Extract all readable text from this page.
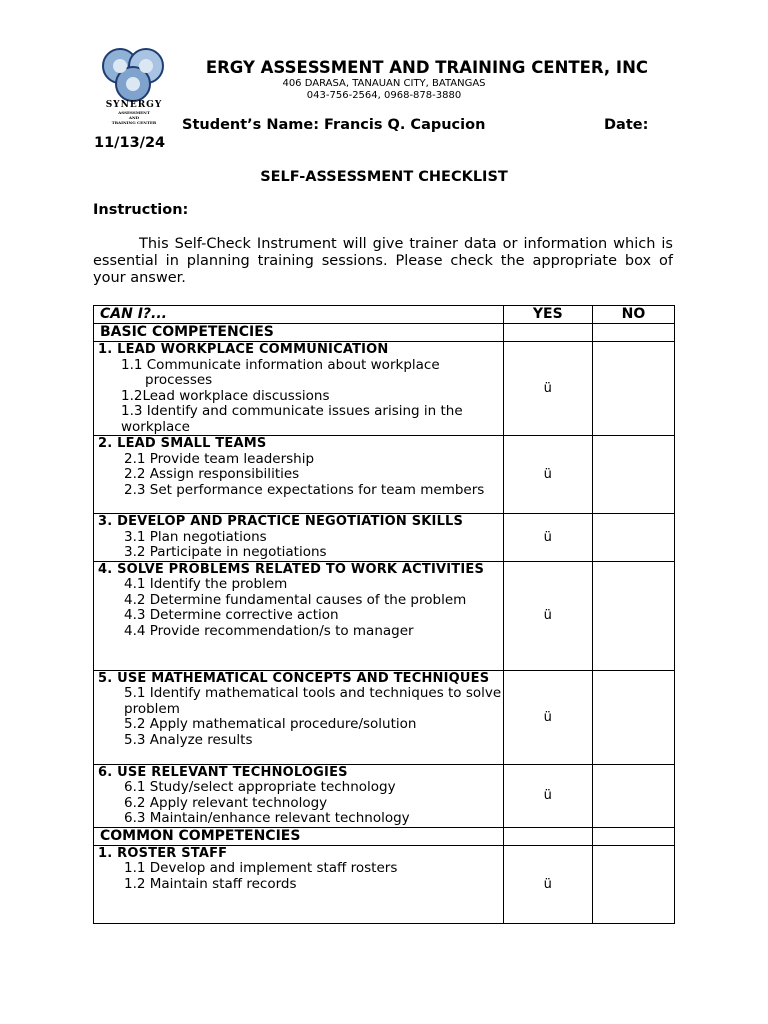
SYNERGY
ASSESSMENT
AND
TRAINING CENTER
ERGY ASSESSMENT AND TRAINING CENTER, INC
406 DARASA, TANAUAN CITY, BATANGAS
043-756-2564, 0968-878-3880
Student’s Name: Francis Q. Capucion	Date:
11/13/24
SELF-ASSESSMENT CHECKLIST
Instruction:
This Self-Check Instrument will give trainer data or information which is essential in planning training sessions. Please check the appropriate box of your answer.
CAN I?...	YES	NO
BASIC COMPETENCIES		

1. LEAD WORKPLACE COMMUNICATION
1.1 Communicate information about workplace
processes
1.2Lead workplace discussions
1.3 Identify and communicate issues arising in the workplace	ü	

2. LEAD SMALL TEAMS
2.1 Provide team leadership
2.2 Assign responsibilities
2.3 Set performance expectations for team members	ü	

3. DEVELOP AND PRACTICE NEGOTIATION SKILLS
3.1 Plan negotiations
3.2 Participate in negotiations	ü	

4. SOLVE PROBLEMS RELATED TO WORK ACTIVITIES
4.1 Identify the problem
4.2 Determine fundamental causes of the problem
4.3 Determine corrective action
4.4 Provide recommendation/s to manager	ü	

5. USE MATHEMATICAL CONCEPTS AND TECHNIQUES
5.1 Identify mathematical tools and techniques to solve problem
5.2 Apply mathematical procedure/solution
5.3 Analyze results	ü	

6. USE RELEVANT TECHNOLOGIES
6.1 Study/select appropriate technology
6.2 Apply relevant technology
6.3 Maintain/enhance relevant technology	ü	
COMMON COMPETENCIES		

1. ROSTER STAFF
1.1 Develop and implement staff rosters
1.2 Maintain staff records	ü	
